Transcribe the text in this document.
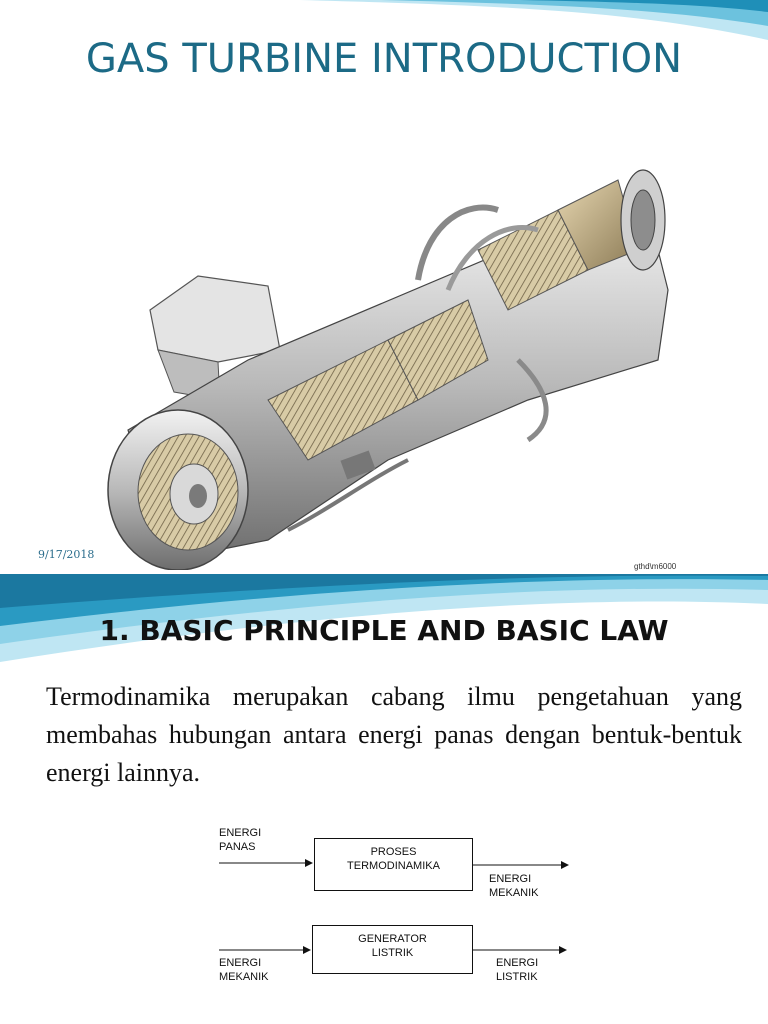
GAS TURBINE INTRODUCTION
9/17/2018
gthd\m6000
1. BASIC PRINCIPLE AND BASIC LAW
Termodinamika merupakan cabang ilmu pengetahuan yang membahas hubungan antara energi panas dengan bentuk-bentuk energi lainnya.
ENERGI
PANAS	PROSES
TERMODINAMIKA
ENERGI
MEKANIK
ENERGI
MEKANIK
GENERATOR
LISTRIK
ENERGI
LISTRIK
